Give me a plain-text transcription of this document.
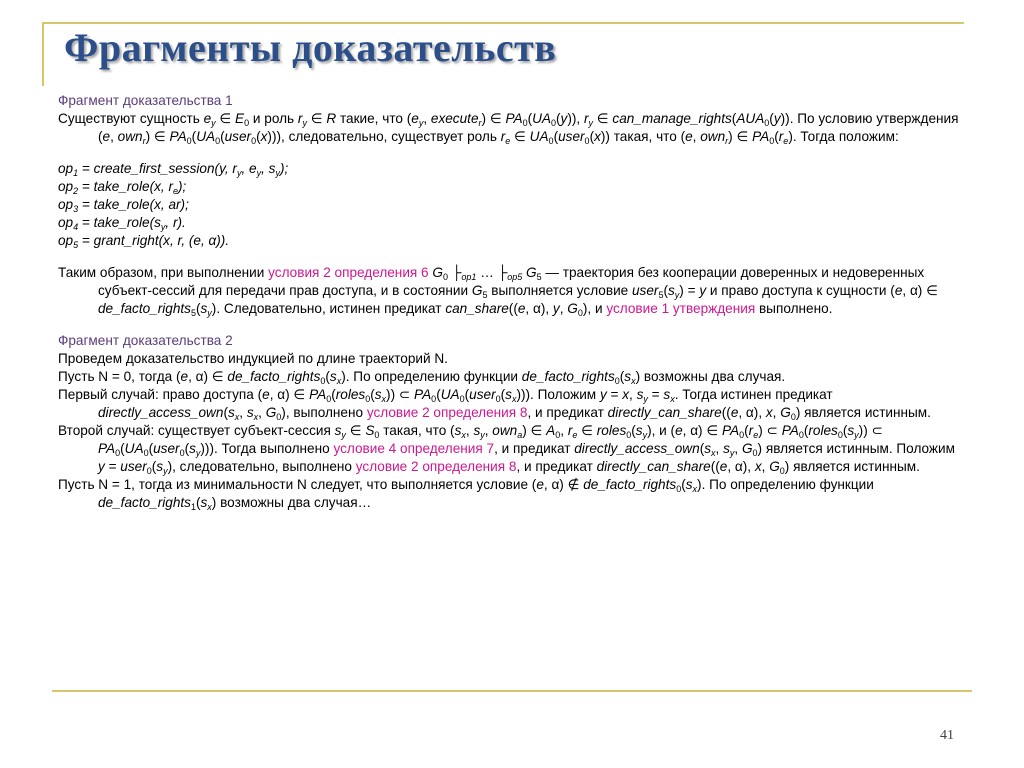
Фрагменты доказательств

Фрагмент доказательства 1

Существуют сущность $e_y$ ∈ $E_0$ и роль $r_y$ ∈ R такие, что ($e_y$, execute$_r$) ∈ $PA_0(UA_0(y))$, $r_y$ ∈ $can\_manage\_rights(AUA_0(y))$. По условию утверждения (e, own$_r$) ∈ $PA_0(UA_0(user_0(x)))$, следовательно, существует роль $r_e$ ∈ $UA_0(user_0(x))$ такая, что (e, own$_r$) ∈ $PA_0(r_e)$. Тогда положим:

$op_1$ = create_first_session(y, $r_y$, $e_y$, $s_y$);

$op_2$ = take_role(x, $r_e$);

$op_3$ = take_role(x, ar);

$op_4$ = $take\_role(s_y$, r).

$op_5$ = grant_right(x, r, (e, α)).

Таким образом, при выполнении условия 2 определения 6 $G_0$ $├_{op1}$ … $├_{op5}$ $G_5$ — траектория без кооперации доверенных и недоверенных субъект-сессий для передачи прав доступа, и в состоянии $G_5$ выполняется условие $user_5(s_y) = y$ и право доступа к сущности (e, α) ∈ $de\_facto\_rights_5(s_y)$. Следовательно, истинен предикат can_share((e, α), y, $G_0$), и условие 1 утверждения выполнено.

Фрагмент доказательства 2

Проведем доказательство индукцией по длине траекторий N.

Пусть N = 0, тогда (e, α) ∈ $de\_facto\_rights_0(s_x)$. По определению функции $de\_facto\_rights_0(s_x)$ возможны два случая.

Первый случай: право доступа (e, α) ∈ $PA_0(roles_0(s_x))$ ⊂ $PA_0(UA_0(user_0(s_x)))$. Положим y = x, $s_y = s_x$. Тогда истинен предикат $directly\_access\_own(s_x$, $s_x$, $G_0$), выполнено условие 2 определения 8, и предикат directly_can_share((e, α), x, $G_0$) является истинным.

Второй случай: существует субъект-сессия $s_y$ ∈ $S_0$ такая, что ($s_x$, $s_y$, own$_a$) ∈ $A_0$, $r_e$ ∈ $roles_0(s_y)$, и (e, α) ∈ $PA_0(r_e)$ ⊂ $PA_0(roles_0(s_y))$ ⊂ $PA_0(UA_0(user_0(s_y)))$. Тогда выполнено условие 4 определения 7, и предикат $directly\_access\_own(s_x$, $s_y$, $G_0$) является истинным. Положим $y = user_0(s_y)$, следовательно, выполнено условие 2 определения 8, и предикат directly_can_share((e, α), x, $G_0$) является истинным.

Пусть N = 1, тогда из минимальности N следует, что выполняется условие (e, α) ∉ $de\_facto\_rights_0(s_x)$. По определению функции $de\_facto\_rights_1(s_x)$ возможны два случая…

41
